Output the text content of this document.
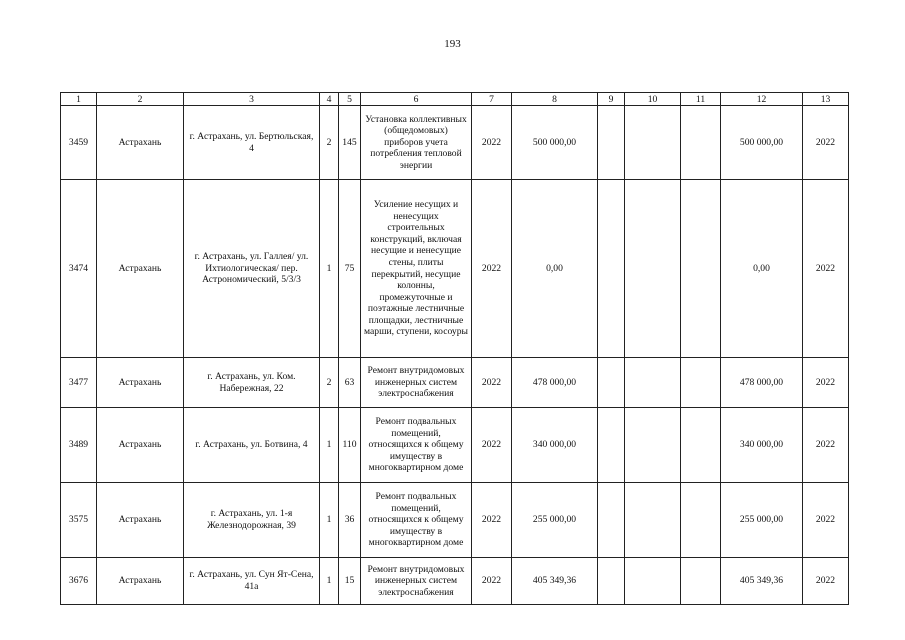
193
1	2	3	4	5	6	7	8	9	10	11	12	13
3459	Астрахань	г. Астрахань, ул. Бертюльская, 4	2	145	Установка коллективных (общедомовых) приборов учета потребления тепловой энергии	2022	500 000,00				500 000,00	2022
3474	Астрахань	г. Астрахань, ул. Галлея/ ул. Ихтиологическая/ пер. Астрономический, 5/3/3	1	75	Усиление несущих и ненесущих строительных конструкций, включая несущие и ненесущие стены, плиты перекрытий, несущие колонны, промежуточные и поэтажные лестничные площадки, лестничные марши, ступени, косоуры	2022	0,00				0,00	2022
3477	Астрахань	г. Астрахань, ул. Ком. Набережная, 22	2	63	Ремонт внутридомовых инженерных систем электроснабжения	2022	478 000,00				478 000,00	2022
3489	Астрахань	г. Астрахань, ул. Ботвина, 4	1	110	Ремонт подвальных помещений, относящихся к общему имуществу в многоквартирном доме	2022	340 000,00				340 000,00	2022
3575	Астрахань	г. Астрахань, ул. 1-я Железнодорожная, 39	1	36	Ремонт подвальных помещений, относящихся к общему имуществу в многоквартирном доме	2022	255 000,00				255 000,00	2022
3676	Астрахань	г. Астрахань, ул. Сун Ят-Сена, 41а	1	15	Ремонт внутридомовых инженерных систем электроснабжения	2022	405 349,36				405 349,36	2022
